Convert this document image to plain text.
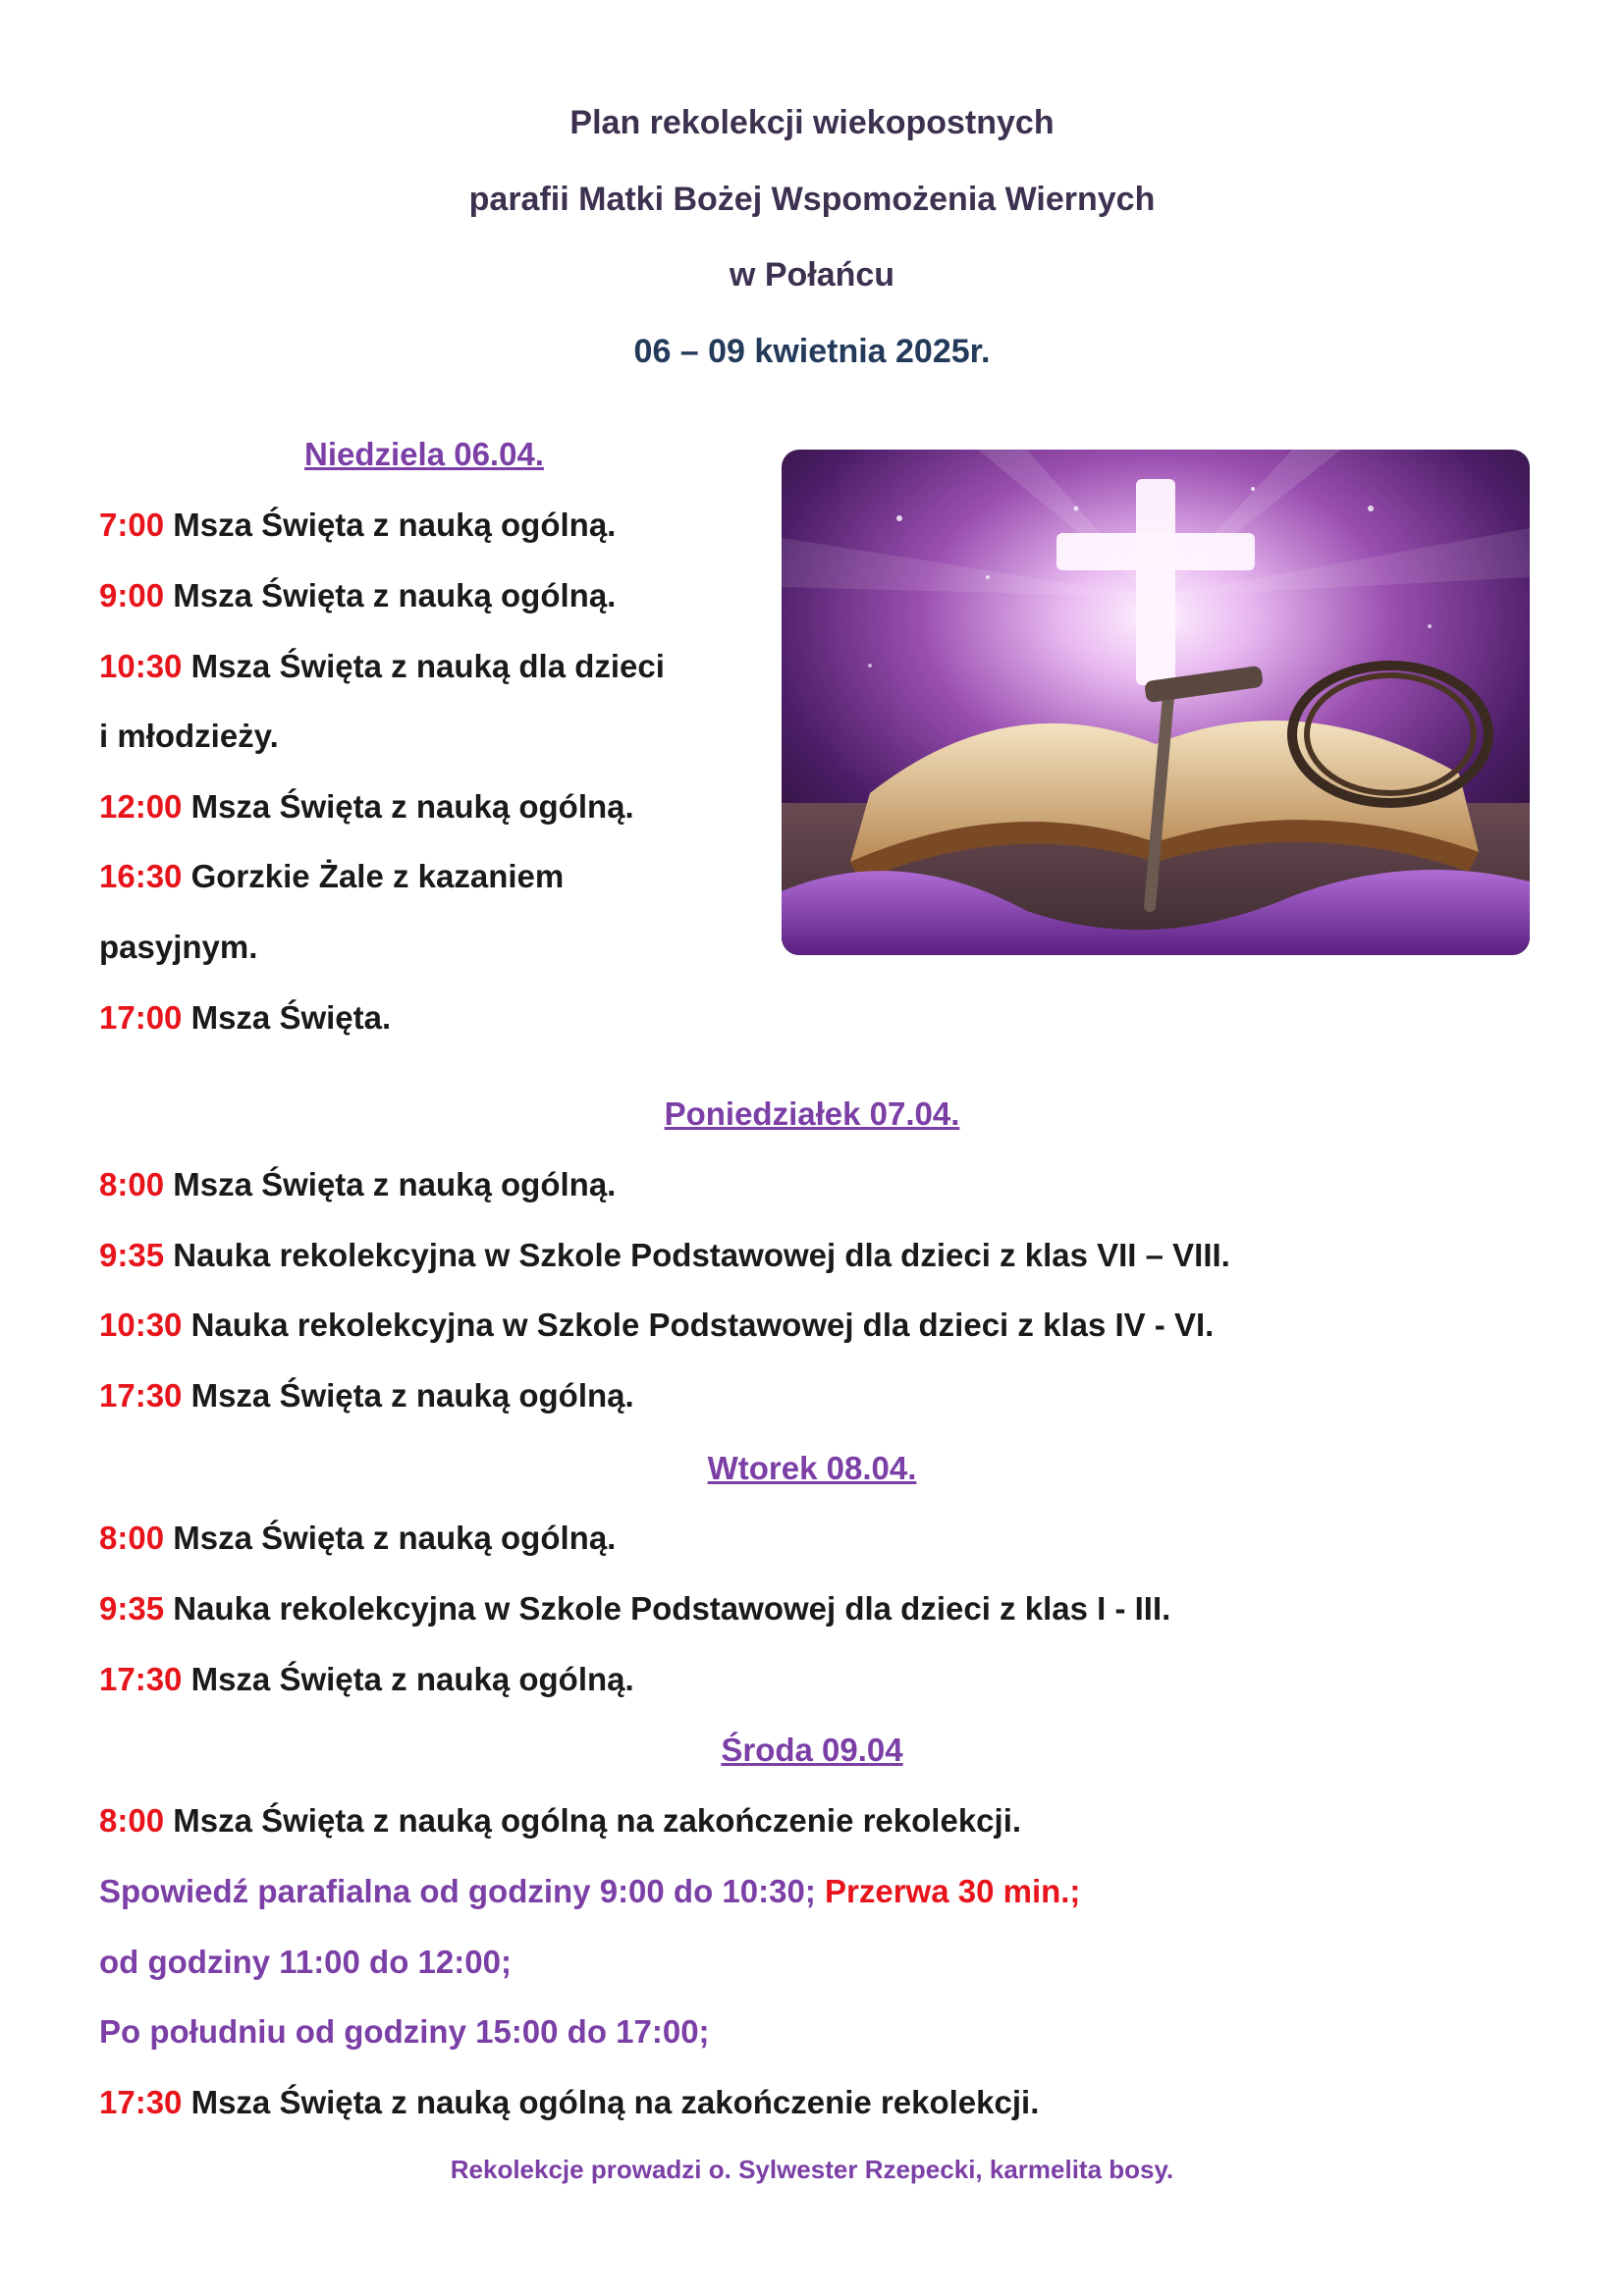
Plan rekolekcji wiekopostnych
parafii Matki Bożej Wspomożenia Wiernych
w Połańcu
06 – 09 kwietnia 2025r.
Niedziela 06.04.
7:00 Msza Święta z nauką ogólną.
9:00 Msza Święta z nauką ogólną.
10:30 Msza Święta z nauką dla dzieci
i młodzieży.
12:00 Msza Święta z nauką ogólną.
16:30 Gorzkie Żale z kazaniem
pasyjnym.
17:00 Msza Święta.
Poniedziałek 07.04.
8:00 Msza Święta z nauką ogólną.
9:35 Nauka rekolekcyjna w Szkole Podstawowej dla dzieci z klas VII – VIII.
10:30 Nauka rekolekcyjna w Szkole Podstawowej dla dzieci z klas IV - VI.
17:30 Msza Święta z nauką ogólną.
Wtorek 08.04.
8:00 Msza Święta z nauką ogólną.
9:35 Nauka rekolekcyjna w Szkole Podstawowej dla dzieci z klas I - III.
17:30 Msza Święta z nauką ogólną.
Środa 09.04
8:00 Msza Święta z nauką ogólną na zakończenie rekolekcji.
Spowiedź parafialna od godziny 9:00 do 10:30; Przerwa 30 min.;
od godziny 11:00 do 12:00;
Po południu od godziny 15:00 do 17:00;
17:30 Msza Święta z nauką ogólną na zakończenie rekolekcji.
Rekolekcje prowadzi o. Sylwester Rzepecki, karmelita bosy.
